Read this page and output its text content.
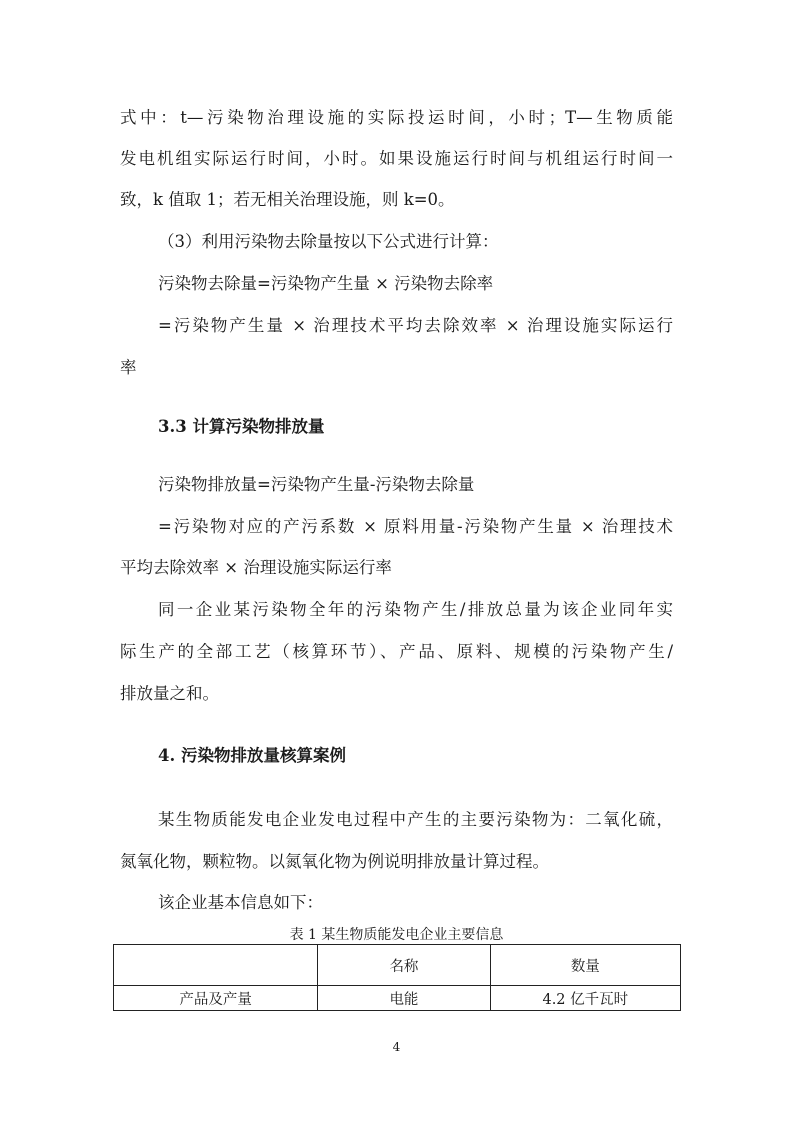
式中：t—污染物治理设施的实际投运时间，小时；T—生物质能
发电机组实际运行时间，小时。如果设施运行时间与机组运行时间一
致，k 值取 1；若无相关治理设施，则 k=0。
（3）利用污染物去除量按以下公式进行计算：
污染物去除量=污染物产生量 × 污染物去除率
=污染物产生量 × 治理技术平均去除效率 × 治理设施实际运行
率
3.3 计算污染物排放量
污染物排放量=污染物产生量-污染物去除量
=污染物对应的产污系数 × 原料用量-污染物产生量 × 治理技术
平均去除效率 × 治理设施实际运行率
同一企业某污染物全年的污染物产生/排放总量为该企业同年实
际生产的全部工艺（核算环节）、产品、原料、规模的污染物产生/
排放量之和。
4. 污染物排放量核算案例
某生物质能发电企业发电过程中产生的主要污染物为：二氧化硫，
氮氧化物，颗粒物。以氮氧化物为例说明排放量计算过程。
该企业基本信息如下：
表 1 某生物质能发电企业主要信息
	名称	数量
产品及产量	电能	4.2 亿千瓦时
4
